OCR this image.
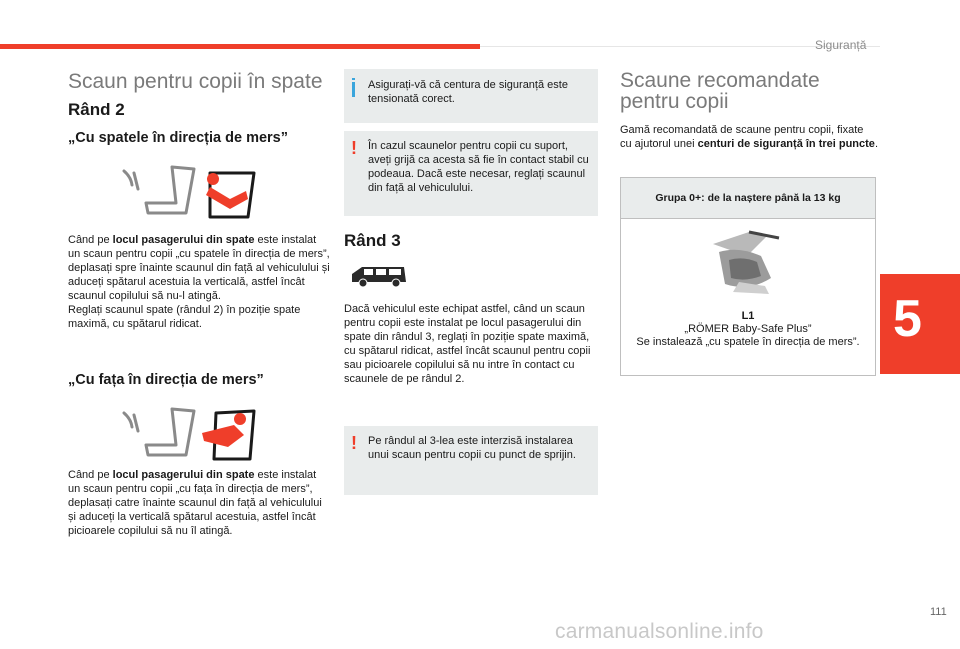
Siguranță
5
Scaun pentru copii în spate
Rând 2
„Cu spatele în direcția de mers”
Când pe locul pasagerului din spate este instalat un scaun pentru copii „cu spatele în direcția de mers”, deplasați spre înainte scaunul din față al vehiculului și aduceți spătarul acestuia la verticală, astfel încât scaunul copilului să nu-l atingă.
Reglați scaunul spate (rândul 2) în poziție spate maximă, cu spătarul ridicat.
„Cu fața în direcția de mers”
Când pe locul pasagerului din spate este instalat un scaun pentru copii „cu fața în direcția de mers”, deplasați catre înainte scaunul din față al vehiculului și aduceți la verticală spătarul acestuia, astfel încât picioarele copilului să nu îl atingă.
Asigurați-vă că centura de siguranță este tensionată corect.
! În cazul scaunelor pentru copii cu suport, aveți grijă ca acesta să fie în contact stabil cu podeaua. Dacă este necesar, reglați scaunul din față al vehiculului.
Rând 3
Dacă vehiculul este echipat astfel, când un scaun pentru copii este instalat pe locul pasagerului din spate din rândul 3, reglați în poziție spate maximă, cu spătarul ridicat, astfel încât scaunul pentru copii sau picioarele copilului să nu intre în contact cu scaunele de pe rândul 2.
! Pe rândul al 3-lea este interzisă instalarea unui scaun pentru copii cu punct de sprijin.
Scaune recomandate
pentru copii
Gamă recomandată de scaune pentru copii, fixate cu ajutorul unei centuri de siguranță în trei puncte.
Grupa 0+: de la naștere până la 13 kg
L1
„RÖMER Baby-Safe Plus”
Se instalează „cu spatele în direcția de mers”.
111
carmanualsonline.info
